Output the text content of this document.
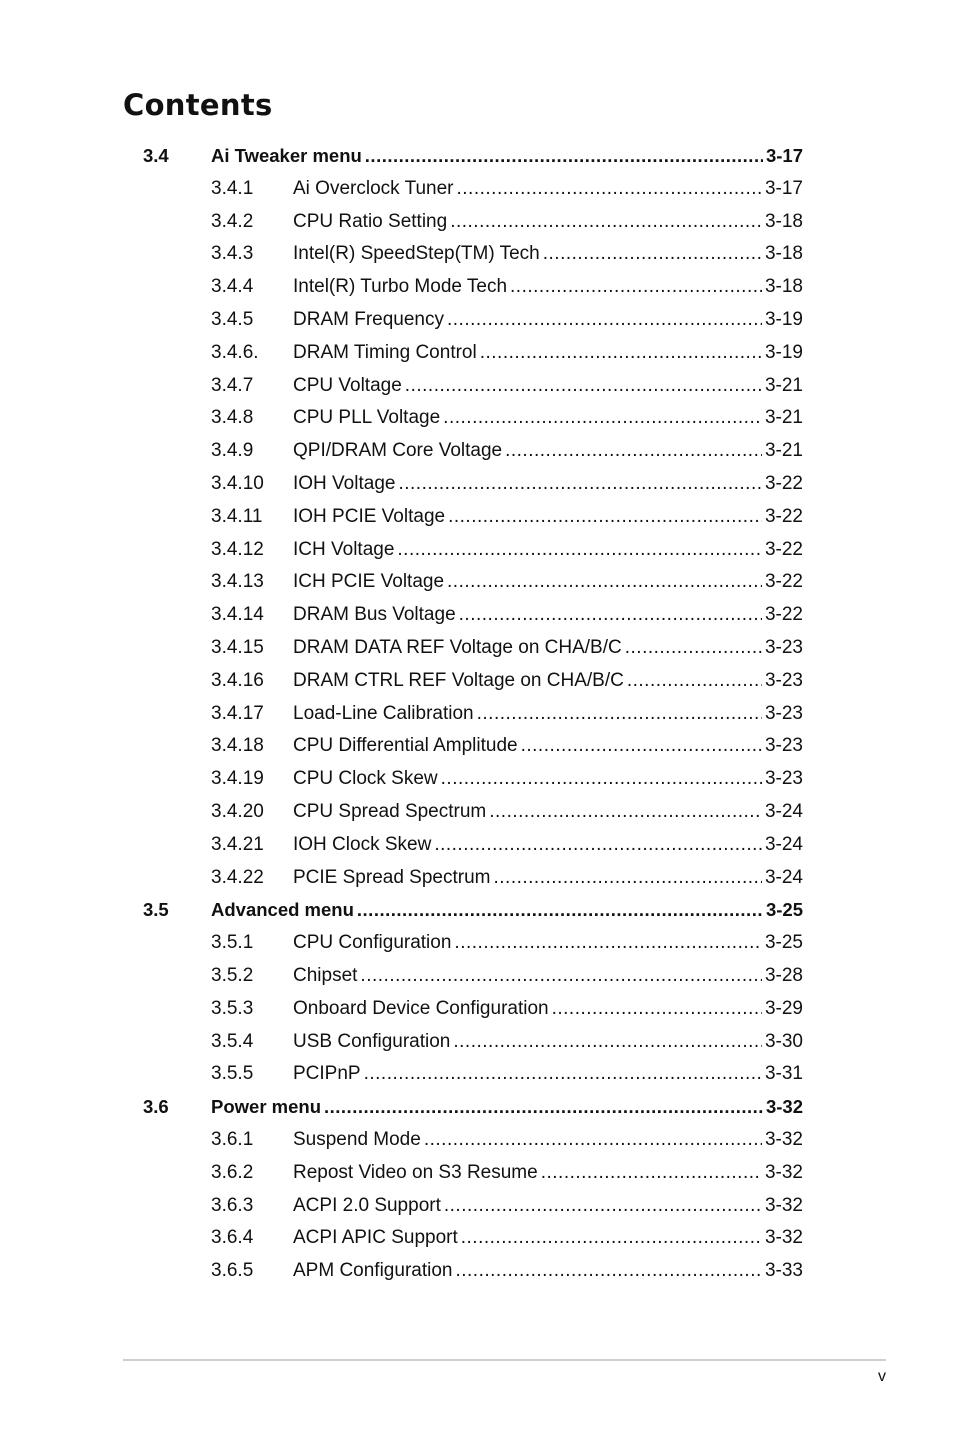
Contents
3.4 Ai Tweaker menu .....	3-17
3.4.1 Ai Overclock Tuner .....	3-17
3.4.2 CPU Ratio Setting .....	3-18
3.4.3 Intel(R) SpeedStep(TM) Tech .....	3-18
3.4.4 Intel(R) Turbo Mode Tech .....	3-18
3.4.5 DRAM Frequency .....	3-19
3.4.6. DRAM Timing Control .....	3-19
3.4.7 CPU Voltage .....	3-21
3.4.8 CPU PLL Voltage .....	3-21
3.4.9 QPI/DRAM Core Voltage .....	3-21
3.4.10 IOH Voltage .....	3-22
3.4.11 IOH PCIE Voltage .....	3-22
3.4.12 ICH Voltage .....	3-22
3.4.13 ICH PCIE Voltage .....	3-22
3.4.14 DRAM Bus Voltage .....	3-22
3.4.15 DRAM DATA REF Voltage on CHA/B/C .....	3-23
3.4.16 DRAM CTRL REF Voltage on CHA/B/C .....	3-23
3.4.17 Load-Line Calibration .....	3-23
3.4.18 CPU Differential Amplitude .....	3-23
3.4.19 CPU Clock Skew .....	3-23
3.4.20 CPU Spread Spectrum .....	3-24
3.4.21 IOH Clock Skew .....	3-24
3.4.22 PCIE Spread Spectrum .....	3-24
3.5 Advanced menu .....	3-25
3.5.1 CPU Configuration .....	3-25
3.5.2 Chipset .....	3-28
3.5.3 Onboard Device Configuration .....	3-29
3.5.4 USB Configuration .....	3-30
3.5.5 PCIPnP .....	3-31
3.6 Power menu .....	3-32
3.6.1 Suspend Mode .....	3-32
3.6.2 Repost Video on S3 Resume .....	3-32
3.6.3 ACPI 2.0 Support .....	3-32
3.6.4 ACPI APIC Support .....	3-32
3.6.5 APM Configuration .....	3-33
v
